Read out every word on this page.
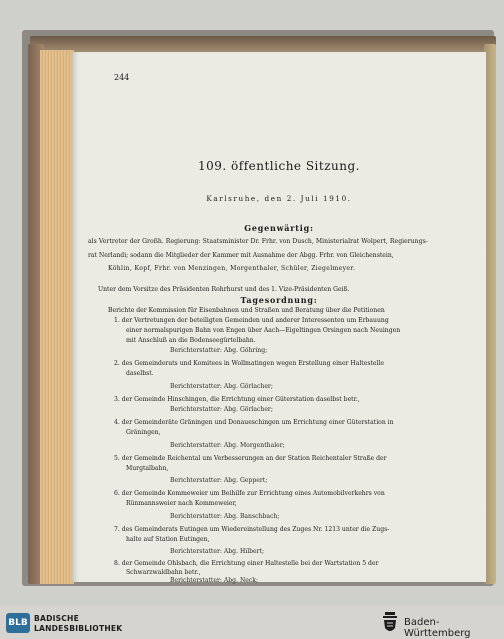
244
109. öffentliche Sitzung.
Karlsruhe, den 2. Juli 1910.
Gegenwärtig:
als Vertreter der Großh. Regierung: Staatsminister Dr. Frhr. von Dusch, Ministerialrat Wolpert, Regierungs-
rat Nerlandi; sodann die Mitglieder der Kammer mit Ausnahme der Abgg. Frhr. von Gleichenstein,
Köhlin, Kopf, Frhr. von Menzingen, Morgenthaler, Schüler, Ziegelmeyer.
Unter dem Vorsitze des Präsidenten Rohrhurst und des 1. Vize-Präsidenten Geiß.
Tagesordnung:
Berichte der Kommission für Eisenbahnen und Straßen und Beratung über die Petitionen
1. der Vertretungen der beteiligten Gemeinden und anderer Interessenten um Erbauung
einer normalspurigen Bahn von Engen über Aach—Eigeltingen Orsingen nach Neuingen
mit Anschluß an die Bodenseegürtelbahn.
Berichterstatter: Abg. Göhring;
2. des Gemeinderats und Komitees in Wollmatingen wegen Erstellung einer Haltestelle
daselbst.
Berichterstatter: Abg. Görlacher;
3. der Gemeinde Hinschingen, die Errichtung einer Güterstation daselbst betr.,
Berichterstatter: Abg. Görlacher;
4. der Gemeinderäte Gräningen und Donaueschingen um Errichtung einer Güterstation in
Gräningen,
Berichterstatter: Abg. Morgenthaler;
5. der Gemeinde Reichental um Verbesserungen an der Station Reichentaler Straße der
Murgtalbahn,
Berichterstatter: Abg. Geppert;
6. der Gemeinde Kommeweier um Beihilfe zur Errichtung eines Automobilverkehrs von
Rünmannsweier nach Kommeweier,
Berichterstatter: Abg. Banschbach;
7. des Gemeinderats Eutingen um Wiedereinstellung des Zuges Nr. 1213 unter die Zugs-
halte auf Station Eutingen,
Berichterstatter: Abg. Hilbert;
8. der Gemeinde Ohlsbach, die Errichtung einer Haltestelle bei der Wartstation 5 der
Schwarzwaldbahn betr.,
Berichterstatter: Abg. Neck;
BLB BADISCHE
LANDESBIBLIOTHEK
Baden-Württemberg
